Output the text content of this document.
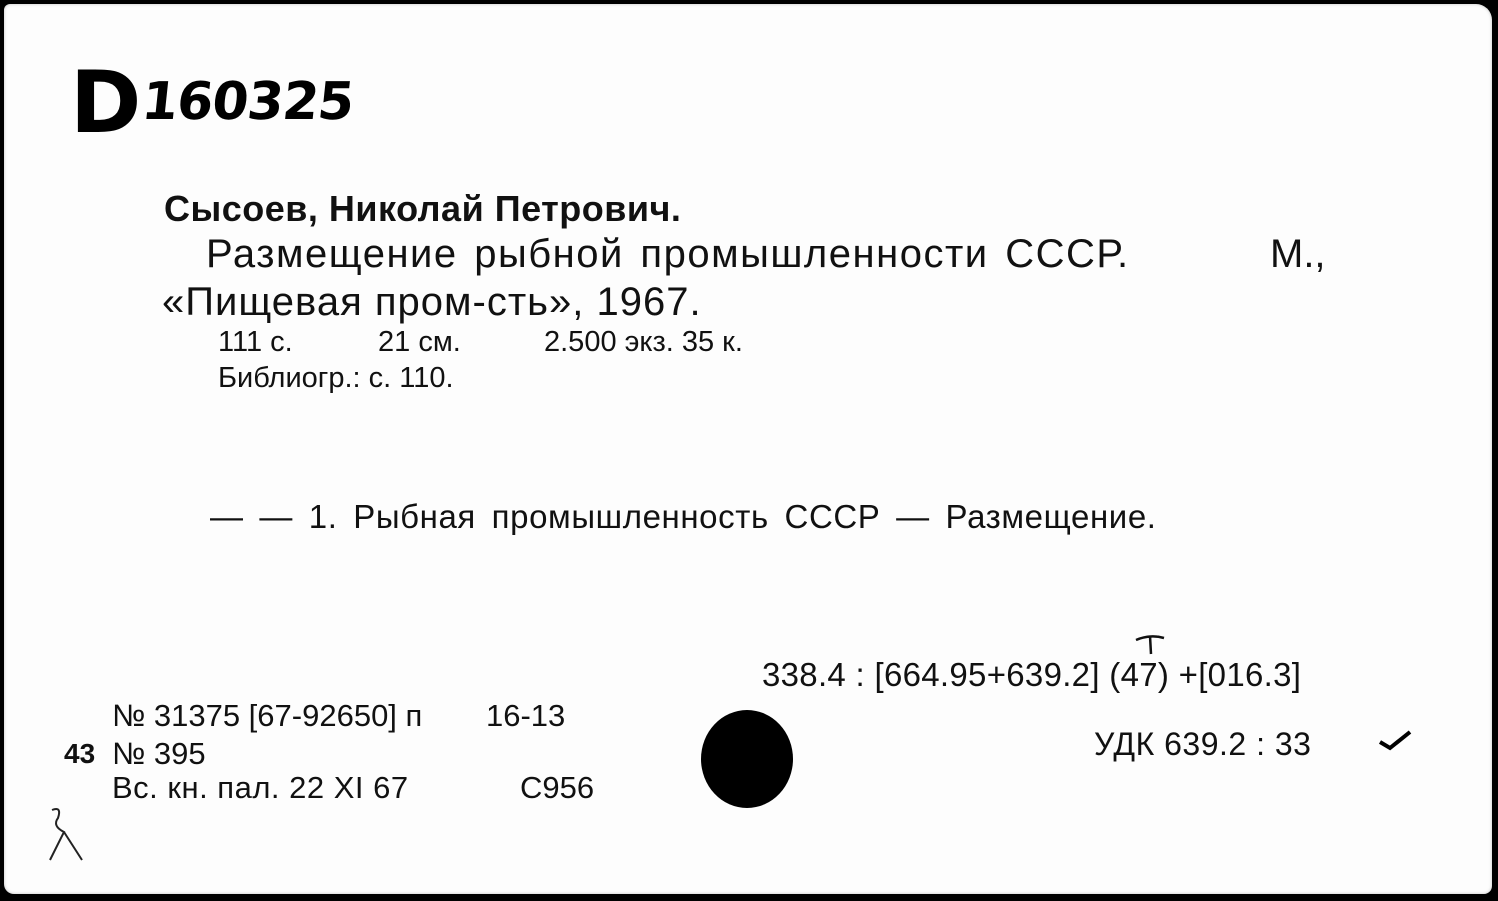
D 160325
Сысоев, Николай Петрович.
Размещение рыбной промышленности СССР.	М.,
«Пищевая пром-сть», 1967.
111 с.	21 см.	2.500 экз. 35 к.
Библиогр.: с. 110.
— — 1. Рыбная промышленность СССР — Размещение.
338.4 : [664.95+639.2] (47) +[016.3]
УДК 639.2 : 33
№ 31375 [67-92650] п 16-13
43 № 395
Вс. кн. пал. 22 XI 67	С956
